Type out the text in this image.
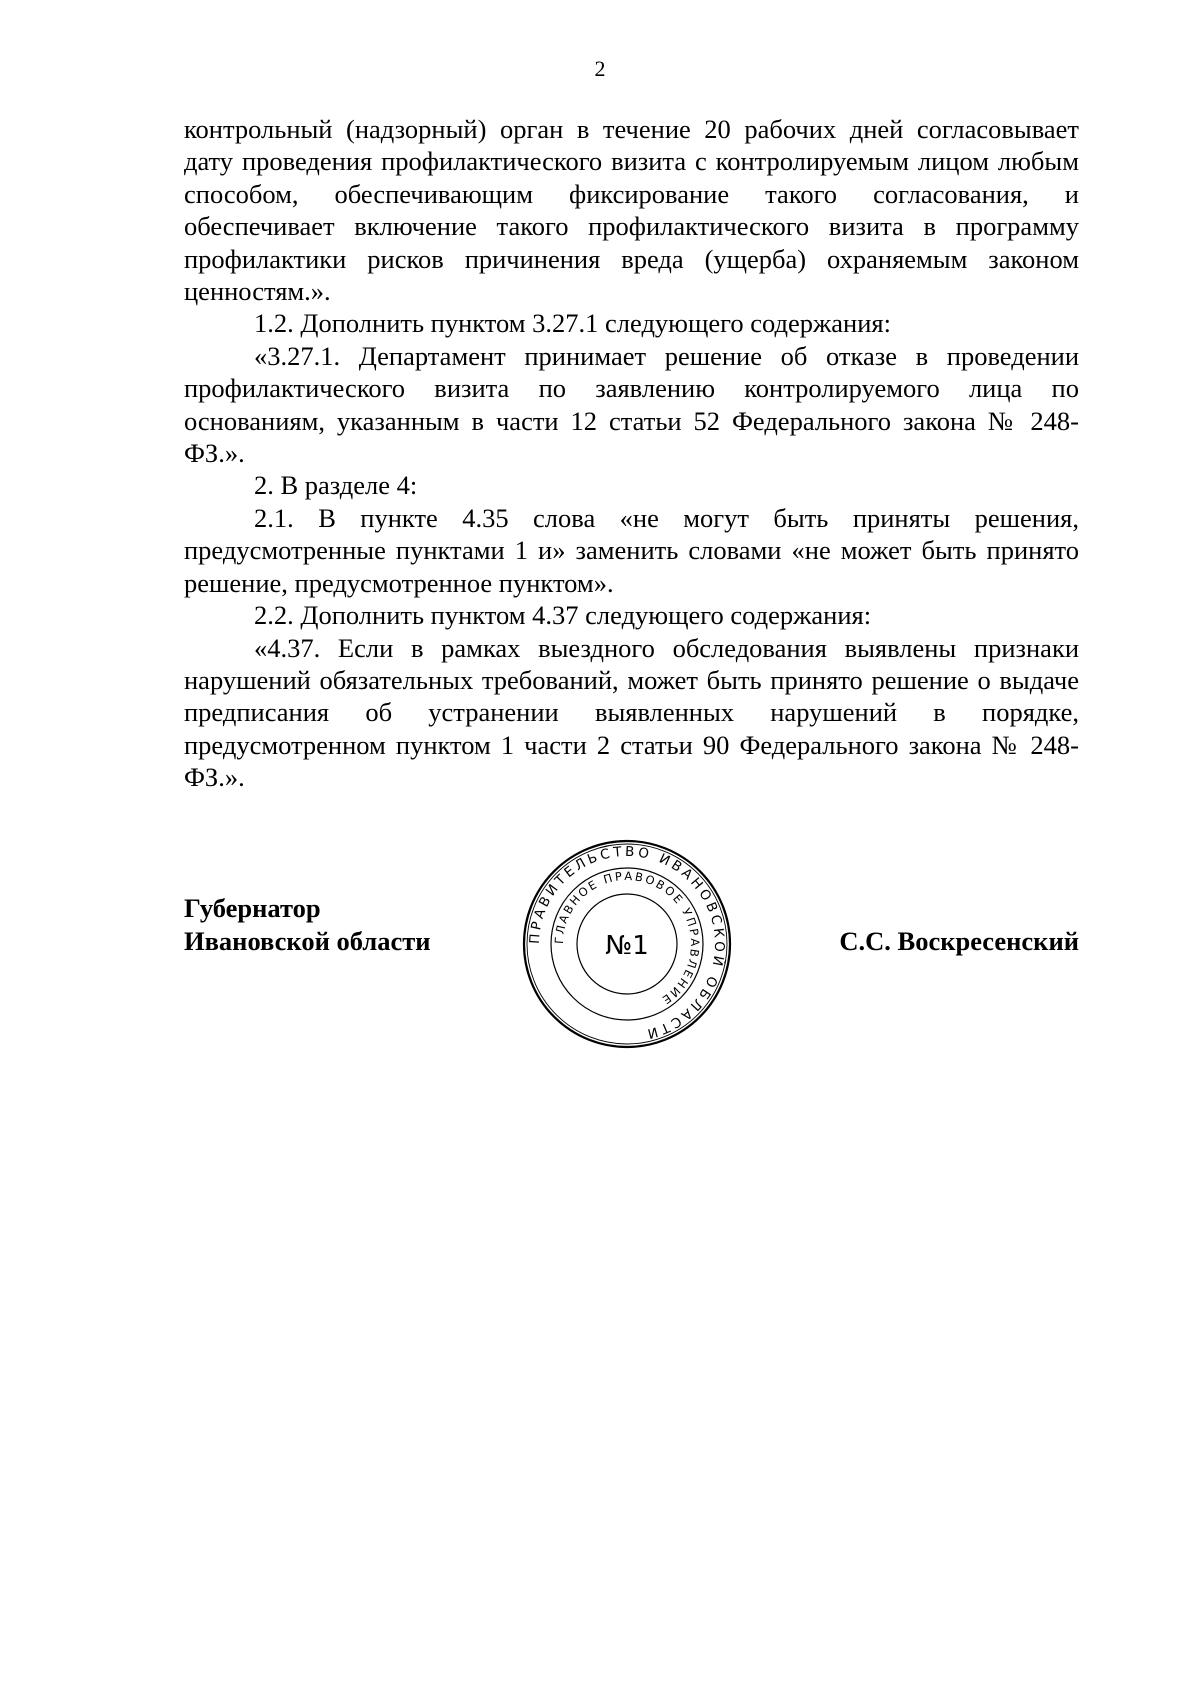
2

контрольный (надзорный) орган в течение 20 рабочих дней согласовывает дату проведения профилактического визита с контролируемым лицом любым способом, обеспечивающим фиксирование такого согласования, и обеспечивает включение такого профилактического визита в программу профилактики рисков причинения вреда (ущерба) охраняемым законом ценностям.».

1.2. Дополнить пунктом 3.27.1 следующего содержания:

«3.27.1. Департамент принимает решение об отказе в проведении профилактического визита по заявлению контролируемого лица по основаниям, указанным в части 12 статьи 52 Федерального закона № 248-ФЗ.».

2. В разделе 4:

2.1. В пункте 4.35 слова «не могут быть приняты решения, предусмотренные пунктами 1 и» заменить словами «не может быть принято решение, предусмотренное пунктом».

2.2. Дополнить пунктом 4.37 следующего содержания:

«4.37. Если в рамках выездного обследования выявлены признаки нарушений обязательных требований, может быть принято решение о выдаче предписания об устранении выявленных нарушений в порядке, предусмотренном пунктом 1 части 2 статьи 90 Федерального закона № 248-ФЗ.».

Губернатор
Ивановской области	С.С. Воскресенский
ПРАВИТЕЛЬСТВО ИВАНОВСКОЙ ОБЛАСТИ
ГЛАВНОЕ ПРАВОВОЕ УПРАВЛЕНИЕ
№1
